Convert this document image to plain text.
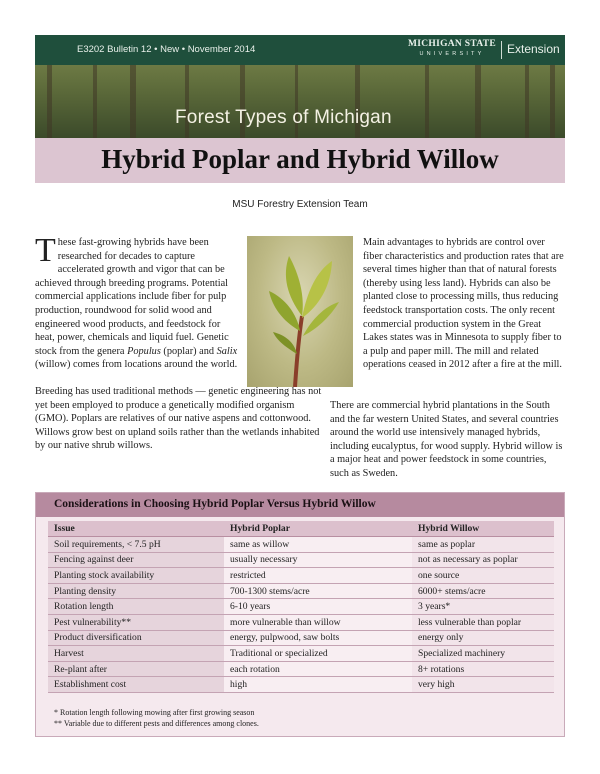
E3202 Bulletin 12 • New • November 2014	MICHIGAN STATE
UNIVERSITY	Extension
Forest Types of Michigan
Hybrid Poplar and Hybrid Willow
MSU Forestry Extension Team
These fast-growing hybrids have been researched for decades to capture accelerated growth and vigor that can be achieved through breeding programs. Potential commercial applications include fiber for pulp production, roundwood for solid wood and engineered wood products, and feedstock for heat, power, chemicals and liquid fuel. Genetic stock from the genera Populus (poplar) and Salix (willow) comes from locations around the world.
Breeding has used traditional methods — genetic engineering has not yet been employed to produce a genetically modified organism (GMO). Poplars are relatives of our native aspens and cottonwood. Willows grow best on upland soils rather than the wetlands inhabited by our native shrub willows.
Main advantages to hybrids are control over fiber characteristics and production rates that are several times higher than that of natural forests (thereby using less land). Hybrids can also be planted close to processing mills, thus reducing feedstock transportation costs. The only recent commercial production system in the Great Lakes states was in Minnesota to supply fiber to a pulp and paper mill. The mill and related operations ceased in 2012 after a fire at the mill.
There are commercial hybrid plantations in the South and the far western United States, and several countries around the world use intensively managed hybrids, including eucalyptus, for wood supply. Hybrid willow is a major heat and power feedstock in some countries, such as Sweden.
Considerations in Choosing Hybrid Poplar Versus Hybrid Willow
Issue	Hybrid Poplar	Hybrid Willow
Soil requirements, < 7.5 pH	same as willow	same as poplar
Fencing against deer	usually necessary	not as necessary as poplar
Planting stock availability	restricted	one source
Planting density	700-1300 stems/acre	6000+ stems/acre
Rotation length	6-10 years	3 years*
Pest vulnerability**	more vulnerable than willow	less vulnerable than poplar
Product diversification	energy, pulpwood, saw bolts	energy only
Harvest	Traditional or specialized	Specialized machinery
Re-plant after	each rotation	8+ rotations
Establishment cost	high	very high
* Rotation length following mowing after first growing season
** Variable due to different pests and differences among clones.
